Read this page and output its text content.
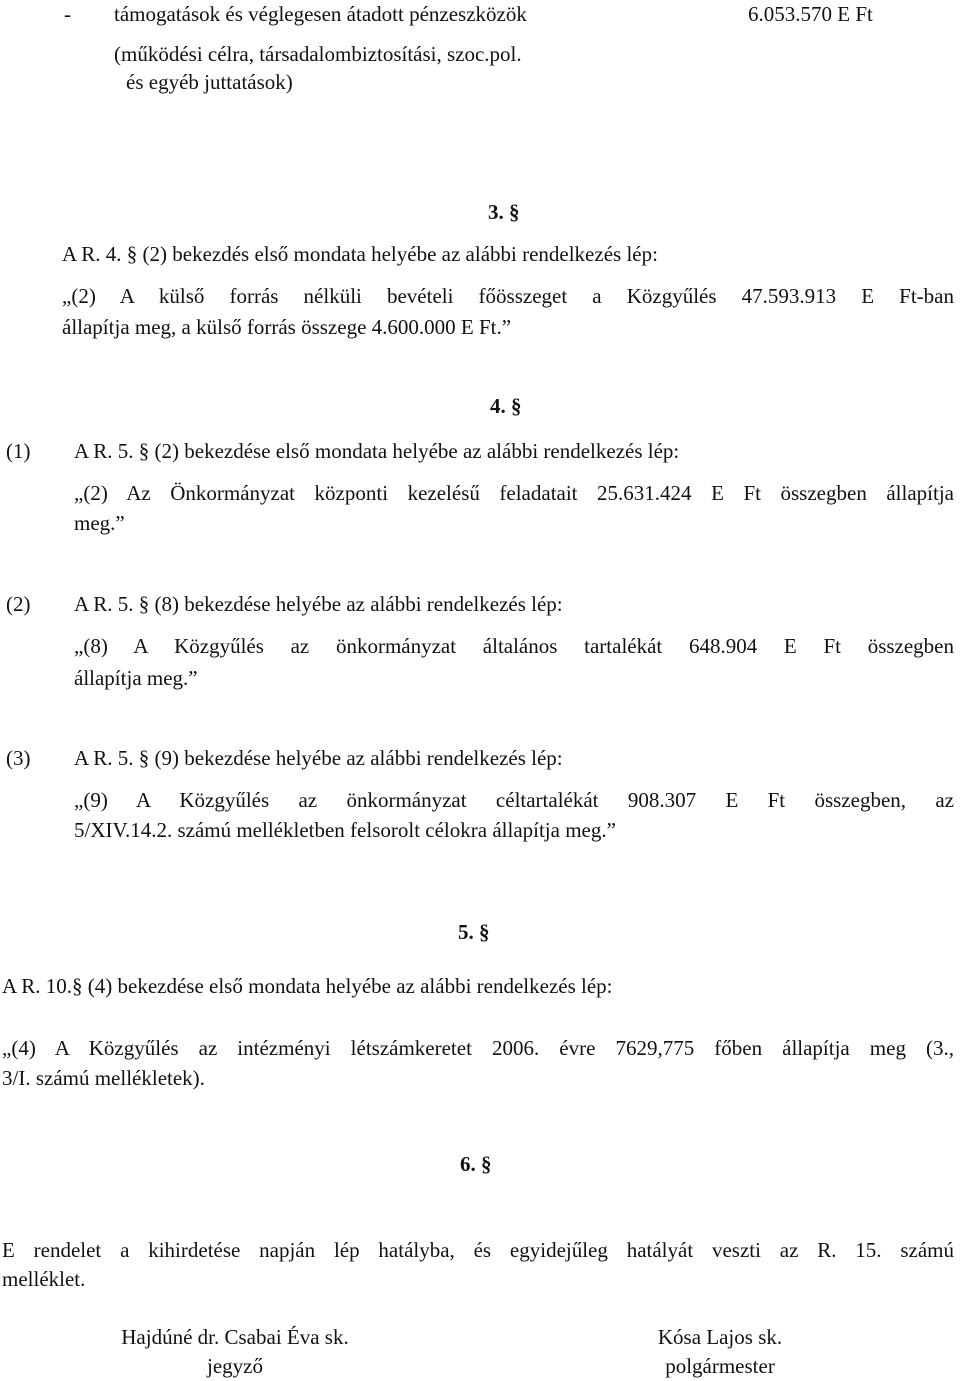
- támogatások és véglegesen átadott pénzeszközök	6.053.570 E Ft
(működési célra, társadalombiztosítási, szoc.pol.
és egyéb juttatások)
3. §
A R. 4. § (2) bekezdés első mondata helyébe az alábbi rendelkezés lép:
„(2) A külső forrás nélküli bevételi főösszeget a Közgyűlés 47.593.913 E Ft-ban
állapítja meg, a külső forrás összege 4.600.000 E Ft.”
4. §
(1) A R. 5. § (2) bekezdése első mondata helyébe az alábbi rendelkezés lép:
„(2) Az Önkormányzat központi kezelésű feladatait 25.631.424 E Ft összegben állapítja
meg.”
(2) A R. 5. § (8) bekezdése helyébe az alábbi rendelkezés lép:
„(8) A Közgyűlés az önkormányzat általános tartalékát 648.904 E Ft összegben
állapítja meg.”
(3) A R. 5. § (9) bekezdése helyébe az alábbi rendelkezés lép:
„(9) A Közgyűlés az önkormányzat céltartalékát 908.307 E Ft összegben, az
5/XIV.14.2. számú mellékletben felsorolt célokra állapítja meg.”
5. §
A R. 10.§ (4) bekezdése első mondata helyébe az alábbi rendelkezés lép:
„(4) A Közgyűlés az intézményi létszámkeretet 2006. évre 7629,775 főben állapítja meg (3.,
3/I. számú mellékletek).
6. §
E rendelet a kihirdetése napján lép hatályba, és egyidejűleg hatályát veszti az R. 15. számú
melléklet.
Hajdúné dr. Csabai Éva sk.
jegyző
Kósa Lajos sk.
polgármester
